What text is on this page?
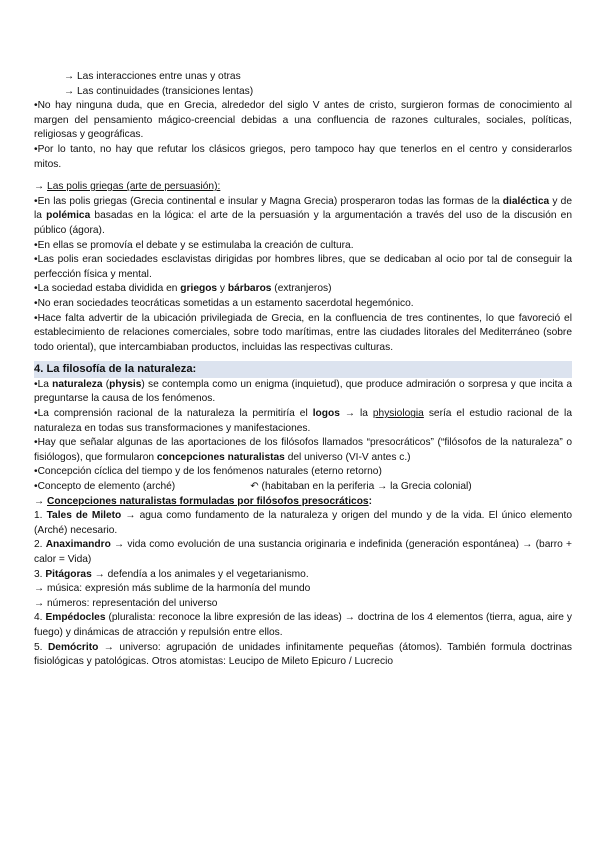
→ Las interacciones entre unas y otras

→ Las continuidades (transiciones lentas)

•No hay ninguna duda, que en Grecia, alrededor del siglo V antes de cristo, surgieron formas de conocimiento al margen del pensamiento mágico-creencial debidas a una confluencia de razones culturales, sociales, políticas, religiosas y geográficas.

•Por lo tanto, no hay que refutar los clásicos griegos, pero tampoco hay que tenerlos en el centro y considerarlos mitos.

→ Las polis griegas (arte de persuasión):

•En las polis griegas (Grecia continental e insular y Magna Grecia) prosperaron todas las formas de la dialéctica y de la polémica basadas en la lógica: el arte de la persuasión y la argumentación a través del uso de la discusión en público (ágora).

•En ellas se promovía el debate y se estimulaba la creación de cultura.

•Las polis eran sociedades esclavistas dirigidas por hombres libres, que se dedicaban al ocio por tal de conseguir la perfección física y mental.

•La sociedad estaba dividida en griegos y bárbaros (extranjeros)

•No eran sociedades teocráticas sometidas a un estamento sacerdotal hegemónico.

•Hace falta advertir de la ubicación privilegiada de Grecia, en la confluencia de tres continentes, lo que favoreció el establecimiento de relaciones comerciales, sobre todo marítimas, entre las ciudades litorales del Mediterráneo (sobre todo oriental), que intercambiaban productos, incluidas las respectivas culturas.

4. La filosofía de la naturaleza:

•La naturaleza (physis) se contempla como un enigma (inquietud), que produce admiración o sorpresa y que incita a preguntarse la causa de los fenómenos.

•La comprensión racional de la naturaleza la permitiría el logos → la physiologia sería el estudio racional de la naturaleza en todas sus transformaciones y manifestaciones.

•Hay que señalar algunas de las aportaciones de los filósofos llamados “presocráticos” (“filósofos de la naturaleza” o fisiólogos), que formularon concepciones naturalistas del universo (VI-V antes c.)

•Concepción cíclica del tiempo y de los fenómenos naturales (eterno retorno)

•Concepto de elemento (arché)	↶ (habitaban en la periferia → la Grecia colonial)

→ Concepciones naturalistas formuladas por filósofos presocráticos:

1. Tales de Mileto → agua como fundamento de la naturaleza y origen del mundo y de la vida. El único elemento (Arché) necesario.

2. Anaximandro → vida como evolución de una sustancia originaria e indefinida (generación espontánea) → (barro + calor = Vida)

3. Pitágoras → defendía a los animales y el vegetarianismo.

→ música: expresión más sublime de la harmonía del mundo

→ números: representación del universo

4. Empédocles (pluralista: reconoce la libre expresión de las ideas) → doctrina de los 4 elementos (tierra, agua, aire y fuego) y dinámicas de atracción y repulsión entre ellos.

5. Demócrito → universo: agrupación de unidades infinitamente pequeñas (átomos). También formula doctrinas fisiológicas y patológicas. Otros atomistas: Leucipo de Mileto Epicuro / Lucrecio
